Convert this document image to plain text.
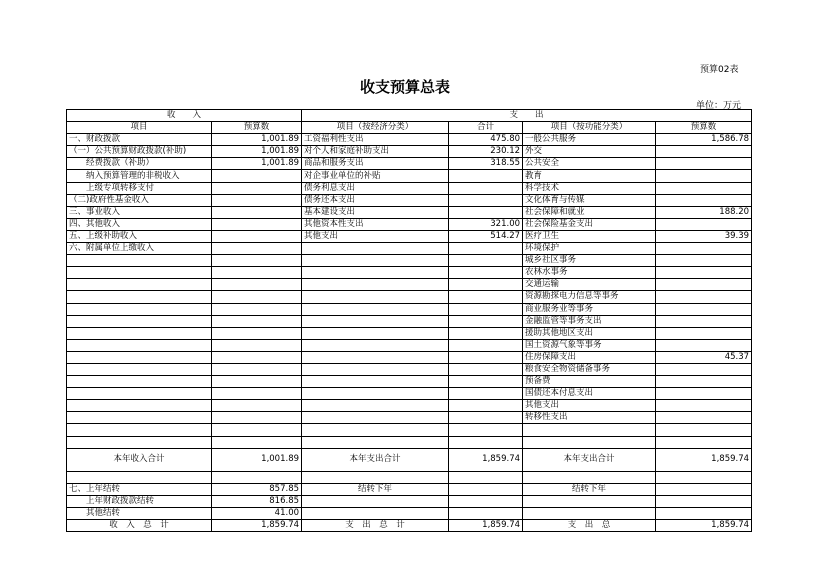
预算02表
收支预算总表
单位：万元
收　　入		支　　出			
项目	预算数	项目（按经济分类）	合计	项目（按功能分类）	预算数
一、财政拨款	1,001.89	工资福利性支出	475.80	一般公共服务	1,586.78
（一）公共预算财政拨款(补助)	1,001.89	对个人和家庭补助支出	230.12	外交	
　　经费拨款（补助）	1,001.89	商品和服务支出	318.55	公共安全	
　　纳入预算管理的非税收入		对企事业单位的补贴		教育	
　　上级专项转移支付		债务利息支出		科学技术	
（二)政府性基金收入		债务还本支出		文化体育与传媒	
三、事业收入		基本建设支出		社会保障和就业	188.20
四、其他收入		其他资本性支出	321.00	社会保险基金支出	
五、上级补助收入		其他支出	514.27	医疗卫生	39.39
六、附属单位上缴收入				环境保护	
				城乡社区事务	
				农林水事务	
				交通运输	
				资源勘探电力信息等事务	
				商业服务业等事务	
				金融监管等事务支出	
				援助其他地区支出	
				国土资源气象等事务	
				住房保障支出	45.37
				粮食安全物资储备事务	
				预备费	
				国债还本付息支出	
				其他支出	
				转移性支出	

本年收入合计	1,001.89	本年支出合计	1,859.74	本年支出合计	1,859.74

七、上年结转	857.85	结转下年		结转下年	
　　上年财政拨款结转	816.85				
　　其他结转	41.00				
收　入　总　计	1,859.74	支　出　总　计	1,859.74	支　出　总	1,859.74
